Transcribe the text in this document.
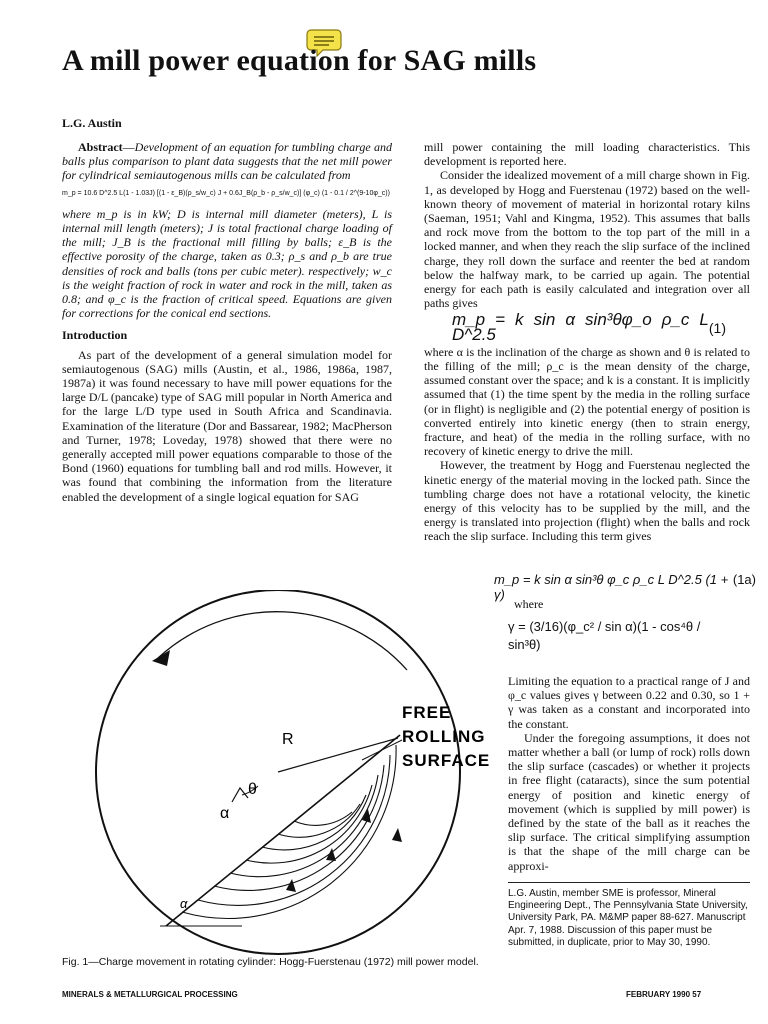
A mill power equation for SAG mills
L.G. Austin

Abstract—Development of an equation for tumbling charge and balls plus comparison to plant data suggests that the net mill power for cylindrical semiautogenous mills can be calculated from

m_p = 10.6 D^2.5 L(1 - 1.03J) [(1 - ε_B)(ρ_s/w_c) J + 0.6J_B(ρ_b - ρ_s/w_c)] (φ_c) (1 - 0.1 / 2^(9-10φ_c))

where m_p is in kW; D is internal mill diameter (meters), L is internal mill length (meters); J is total fractional charge loading of the mill; J_B is the fractional mill filling by balls; ε_B is the effective porosity of the charge, taken as 0.3; ρ_s and ρ_b are true densities of rock and balls (tons per cubic meter). respectively; w_c is the weight fraction of rock in water and rock in the mill, taken as 0.8; and φ_c is the fraction of critical speed. Equations are given for corrections for the conical end sections.

Introduction

As part of the development of a general simulation model for semiautogenous (SAG) mills (Austin, et al., 1986, 1986a, 1987, 1987a) it was found necessary to have mill power equations for the large D/L (pancake) type of SAG mill popular in North America and for the large L/D type used in South Africa and Scandinavia. Examination of the literature (Dor and Bassarear, 1982; MacPherson and Turner, 1978; Loveday, 1978) showed that there were no generally accepted mill power equations comparable to those of the Bond (1960) equations for tumbling ball and rod mills. However, it was found that combining the information from the literature enabled the development of a single logical equation for SAG

mill power containing the mill loading characteristics. This development is reported here.

Consider the idealized movement of a mill charge shown in Fig. 1, as developed by Hogg and Fuerstenau (1972) based on the well-known theory of movement of material in horizontal rotary kilns (Saeman, 1951; Vahl and Kingma, 1952). This assumes that balls and rock move from the bottom to the top part of the mill in a locked manner, and when they reach the slip surface of the inclined charge, they roll down the surface and reenter the bed at random below the halfway mark, to be carried up again. The potential energy for each path is easily calculated and integration over all paths gives

m_p = k sin α sin³θφ_o ρ_c L D^2.5	(1)

where α is the inclination of the charge as shown and θ is related to the filling of the mill; ρ_c is the mean density of the charge, assumed constant over the space; and k is a constant. It is implicitly assumed that (1) the time spent by the media in the rolling surface (or in flight) is negligible and (2) the potential energy of position is converted entirely into kinetic energy (then to strain energy, fracture, and heat) of the media in the rolling surface, with no recovery of kinetic energy to drive the mill.

However, the treatment by Hogg and Fuerstenau neglected the kinetic energy of the material moving in the locked path. Since the tumbling charge does not have a rotational velocity, the kinetic energy of this velocity has to be supplied by the mill, and the energy is translated into projection (flight) when the balls and rock reach the slip surface. Including this term gives

m_p = k sin α sin³θ φ_c ρ_c L D^2.5 (1 + γ)
(1a)
where
γ = (3/16)(φ_c² / sin α)(1 - cos⁴θ / sin³θ)

Limiting the equation to a practical range of J and φ_c values gives γ between 0.22 and 0.30, so 1 + γ was taken as a constant and incorporated into the constant.

Under the foregoing assumptions, it does not matter whether a ball (or lump of rock) rolls down the slip surface (cascades) or whether it projects in free flight (cataracts), since the sum potential energy of position and kinetic energy of movement (which is supplied by mill power) is defined by the state of the ball as it reaches the slip surface. The critical simplifying assumption is that the shape of the mill charge can be approxi-

θ
α
R
α
FREE
ROLLING
SURFACE
Fig. 1—Charge movement in rotating cylinder: Hogg-Fuerstenau (1972) mill power model.
L.G. Austin, member SME is professor, Mineral Engineering Dept., The Pennsylvania State University, University Park, PA. M&MP paper 88-627. Manuscript Apr. 7, 1988. Discussion of this paper must be submitted, in duplicate, prior to May 30, 1990.
MINERALS & METALLURGICAL PROCESSING	FEBRUARY 1990 57
